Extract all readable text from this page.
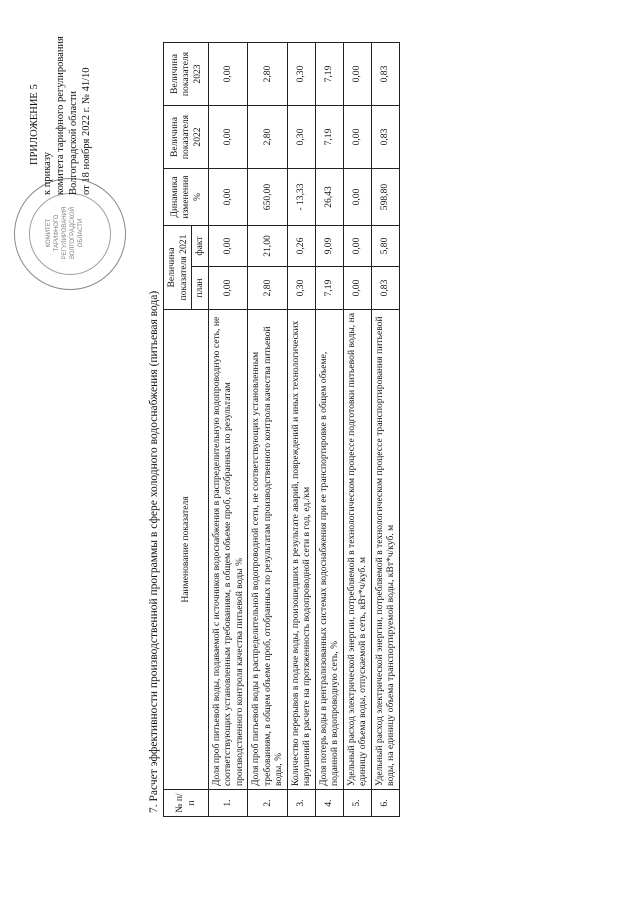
КОМИТЕТ ТАРИФНОГО РЕГУЛИРОВАНИЯ ВОЛГОГРАДСКОЙ ОБЛАСТИ
ПРИЛОЖЕНИЕ 5
к приказу комитета тарифного регулирования Волгоградской области от 18 ноября 2022 г. № 41/10
7. Расчет эффективности производственной программы в сфере холодного водоснабжения (питьевая вода) № п/п	Наименование показателя	Величина показателя 2021		Динамика изменения %	Величина показателя 2022	Величина показателя 2023
		план	факт			
1.	Доля проб питьевой воды, подаваемой с источников водоснабжения в распределительную водопроводную сеть, не соответствующих установленным требованиям, в общем объеме проб, отобранных по результатам производственного контроля качества питьевой воды %	0,00	0,00	0,00	0,00	0,00
2.	Доля проб питьевой воды в распределительной водопроводной сети, не соответствующих установленным требованиям, в общем объеме проб, отобранных по результатам производственного контроля качества питьевой воды, %	2,80	21,00	650,00	2,80	2,80
3.	Количество перерывов в подаче воды, произошедших в результате аварий, повреждений и иных технологических нарушений в расчете на протяженность водопроводной сети в год, ед./км	0,30	0,26	- 13,33	0,30	0,30
4.	Доля потерь воды в централизованных системах водоснабжения при ее транспортировке в общем объеме, поданной в водопроводную сеть, %	7,19	9,09	26,43	7,19	7,19
5.	Удельный расход электрической энергии, потребляемой в технологическом процессе подготовки питьевой воды, на единицу объема воды, отпускаемой в сеть, кВт*ч/куб. м	0,00	0,00	0,00	0,00	0,00
6.	Удельный расход электрической энергии, потребляемой в технологическом процессе транспортирования питьевой воды, на единицу объема транспортируемой воды, кВт*ч/куб. м	0,83	5,80	598,80	0,83	0,83
